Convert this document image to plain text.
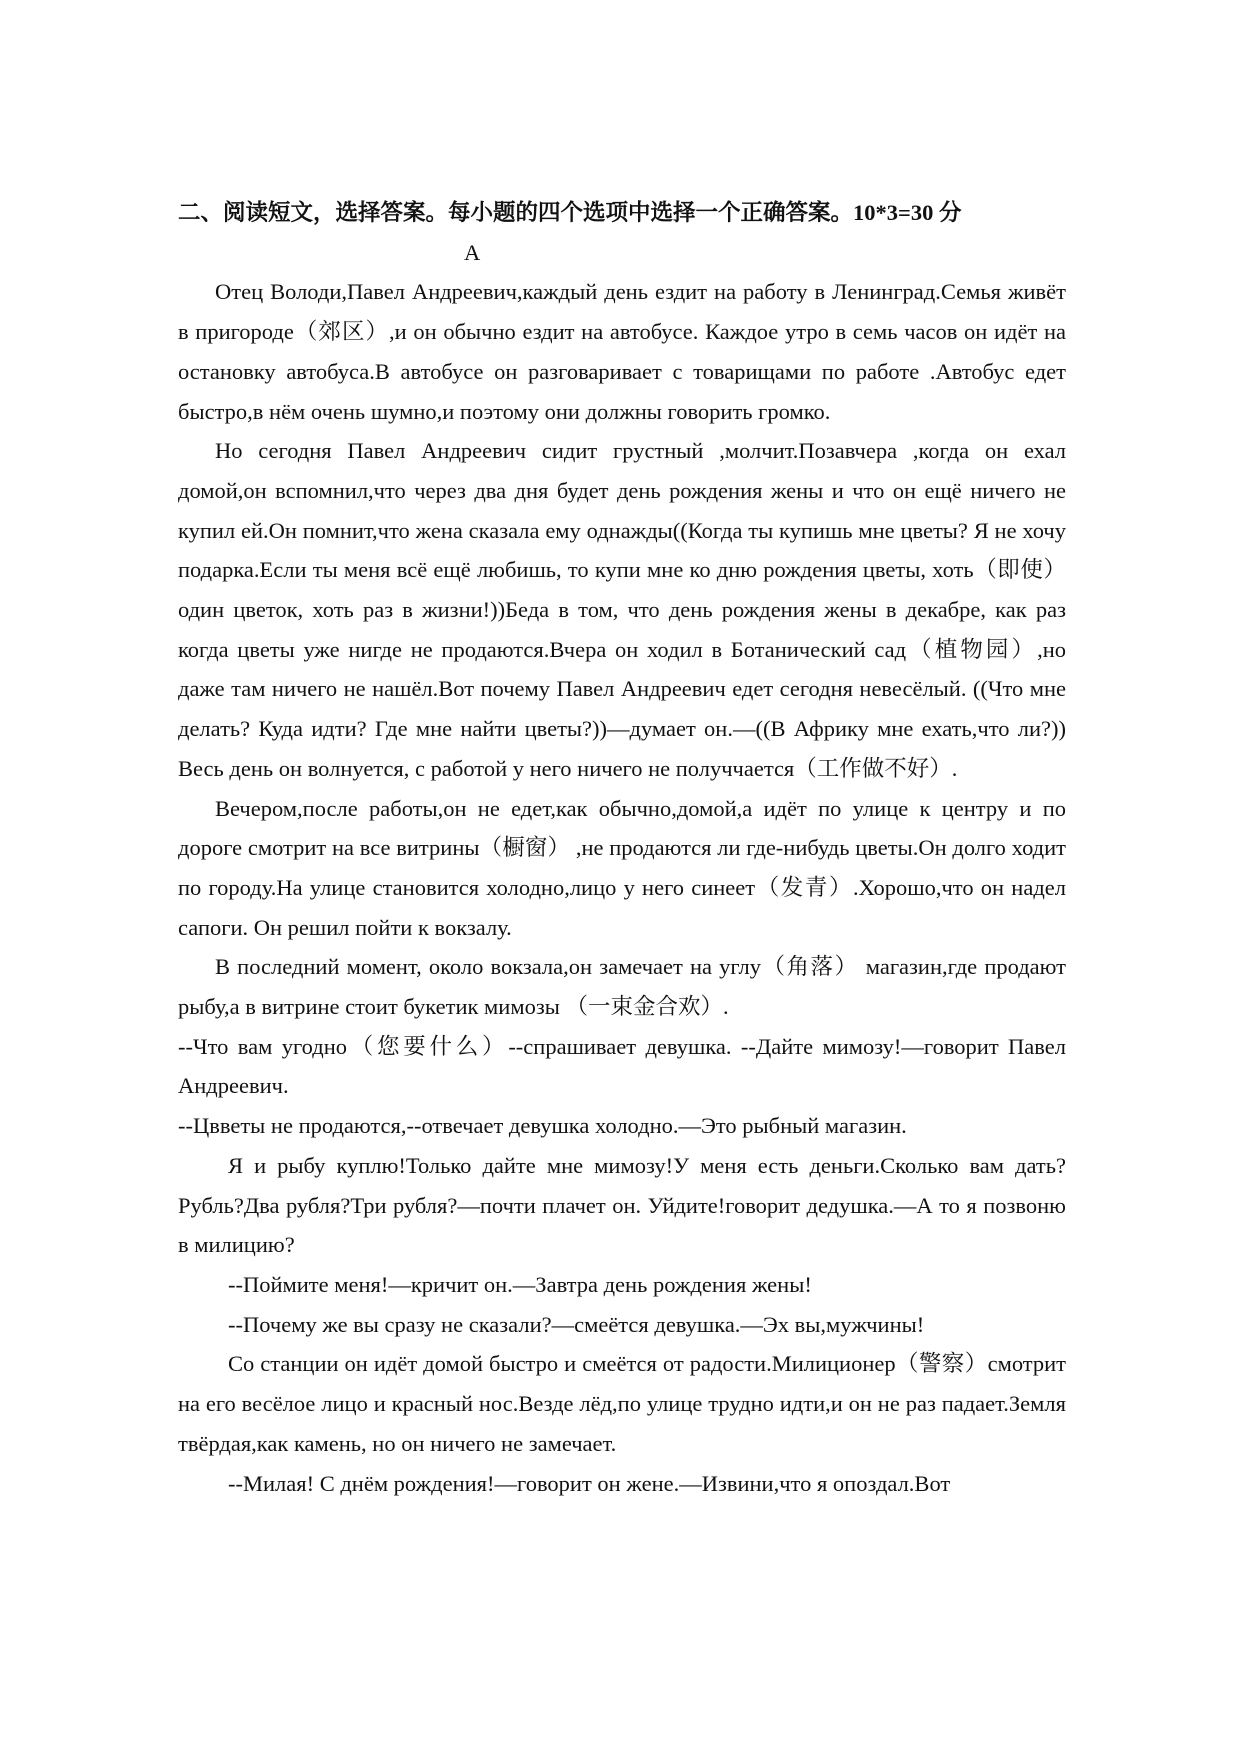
二、阅读短文，选择答案。每小题的四个选项中选择一个正确答案。10*3=30 分

A

Отец Володи,Павел Андреевич,каждый день ездит на работу в Ленинград.Семья живёт в пригороде（郊区）,и он обычно ездит на автобусе. Каждое утро в семь часов он идёт на остановку автобуса.В автобусе он разговаривает с товарищами по работе .Автобус едет быстро,в нём очень шумно,и поэтому они должны говорить громко.

Но сегодня Павел Андреевич сидит грустный ,молчит.Позавчера ,когда он ехал домой,он вспомнил,что через два дня будет день рождения жены и что он ещё ничего не купил ей.Он помнит,что жена сказала ему однажды((Когда ты купишь мне цветы? Я не хочу подарка.Если ты меня всё ещё любишь, то купи мне ко дню рождения цветы, хоть（即使）один цветок, хоть раз в жизни!))Беда в том, что день рождения жены в декабре, как раз когда цветы уже нигде не продаются.Вчера он ходил в Ботанический сад（植物园）,но даже там ничего не нашёл.Вот почему Павел Андреевич едет сегодня невесёлый. ((Что мне делать? Куда идти? Где мне найти цветы?))—думает он.—((В Африку мне ехать,что ли?)) Весь день он волнуется, с работой у него ничего не получчается（工作做不好）.

Вечером,после работы,он не едет,как обычно,домой,а идёт по улице к центру и по дороге смотрит на все витрины（橱窗） ,не продаются ли где-нибудь цветы.Он долго ходит по городу.На улице становится холодно,лицо у него синеет（发青）.Хорошо,что он надел сапоги. Он решил пойти к вокзалу.

В последний момент, около вокзала,он замечает на углу（角落） магазин,где продают рыбу,а в витрине стоит букетик мимозы （一束金合欢）.

--Что вам угодно（您要什么）--спрашивает девушка. --Дайте мимозу!—говорит Павел Андреевич.

--Цвветы не продаются,--отвечает девушка холодно.—Это рыбный магазин.

Я и рыбу куплю!Только дайте мне мимозу!У меня есть деньги.Сколько вам дать?Рубль?Два рубля?Три рубля?—почти плачет он. Уйдите!говорит дедушка.—А то я позвоню в милицию?

--Поймите меня!—кричит он.—Завтра день рождения жены!

--Почему же вы сразу не сказали?—смеётся девушка.—Эх вы,мужчины!

Со станции он идёт домой быстро и смеётся от радости.Милиционер（警察）смотрит на его весёлое лицо и красный нос.Везде лёд,по улице трудно идти,и он не раз падает.Земля твёрдая,как камень, но он ничего не замечает.

--Милая! С днём рождения!—говорит он жене.—Извини,что я опоздал.Вот
